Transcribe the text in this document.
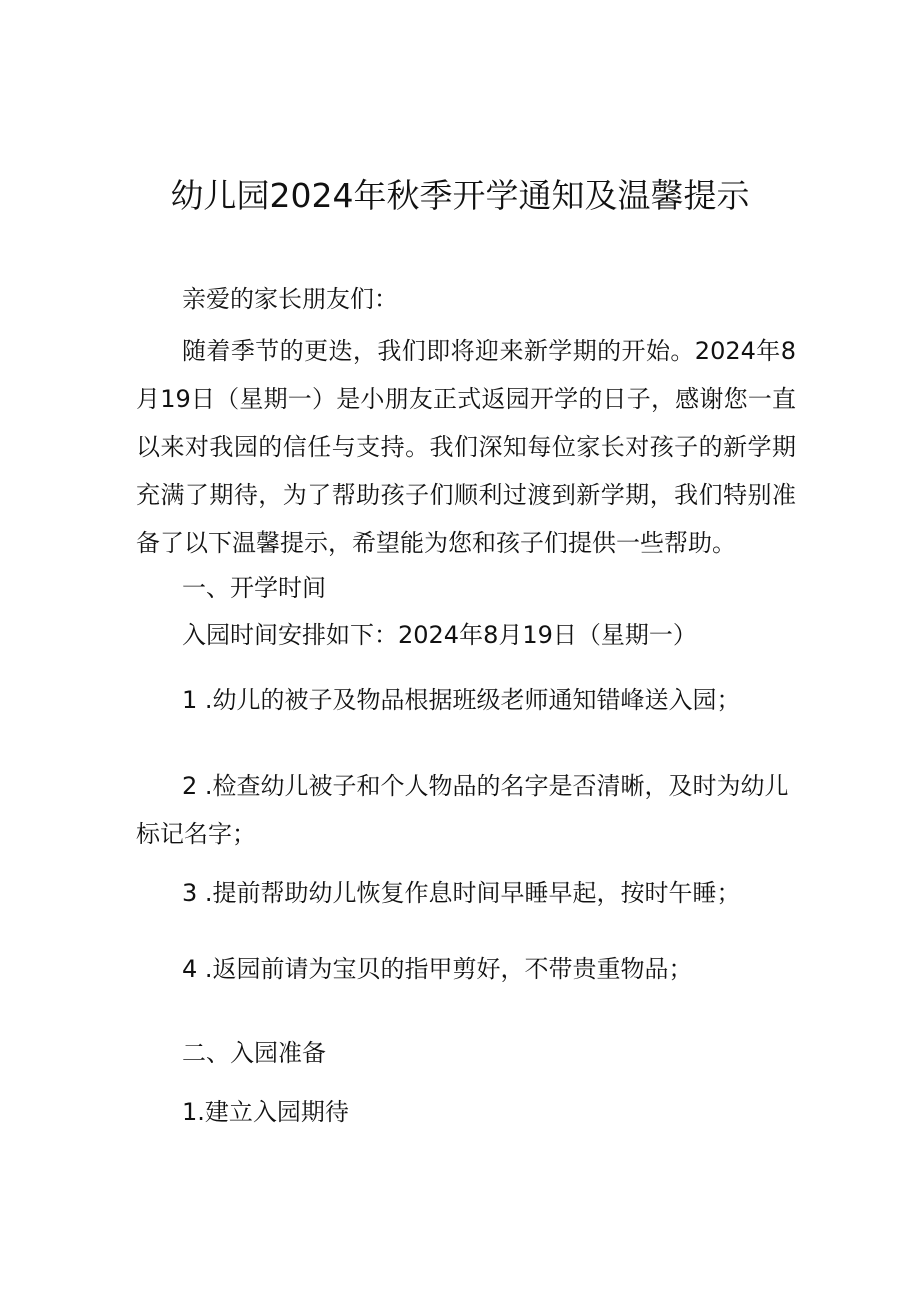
幼儿园2024年秋季开学通知及温馨提示
亲爱的家长朋友们：
随着季节的更迭，我们即将迎来新学期的开始。2024年8月19日（星期一）是小朋友正式返园开学的日子，感谢您一直以来对我园的信任与支持。我们深知每位家长对孩子的新学期充满了期待，为了帮助孩子们顺利过渡到新学期，我们特别准备了以下温馨提示，希望能为您和孩子们提供一些帮助。
一、开学时间
入园时间安排如下：2024年8月19日（星期一）
1 .幼儿的被子及物品根据班级老师通知错峰送入园；
2 .检查幼儿被子和个人物品的名字是否清晰，及时为幼儿标记名字；
3 .提前帮助幼儿恢复作息时间早睡早起，按时午睡；
4 .返园前请为宝贝的指甲剪好，不带贵重物品；
二、入园准备
1.建立入园期待
